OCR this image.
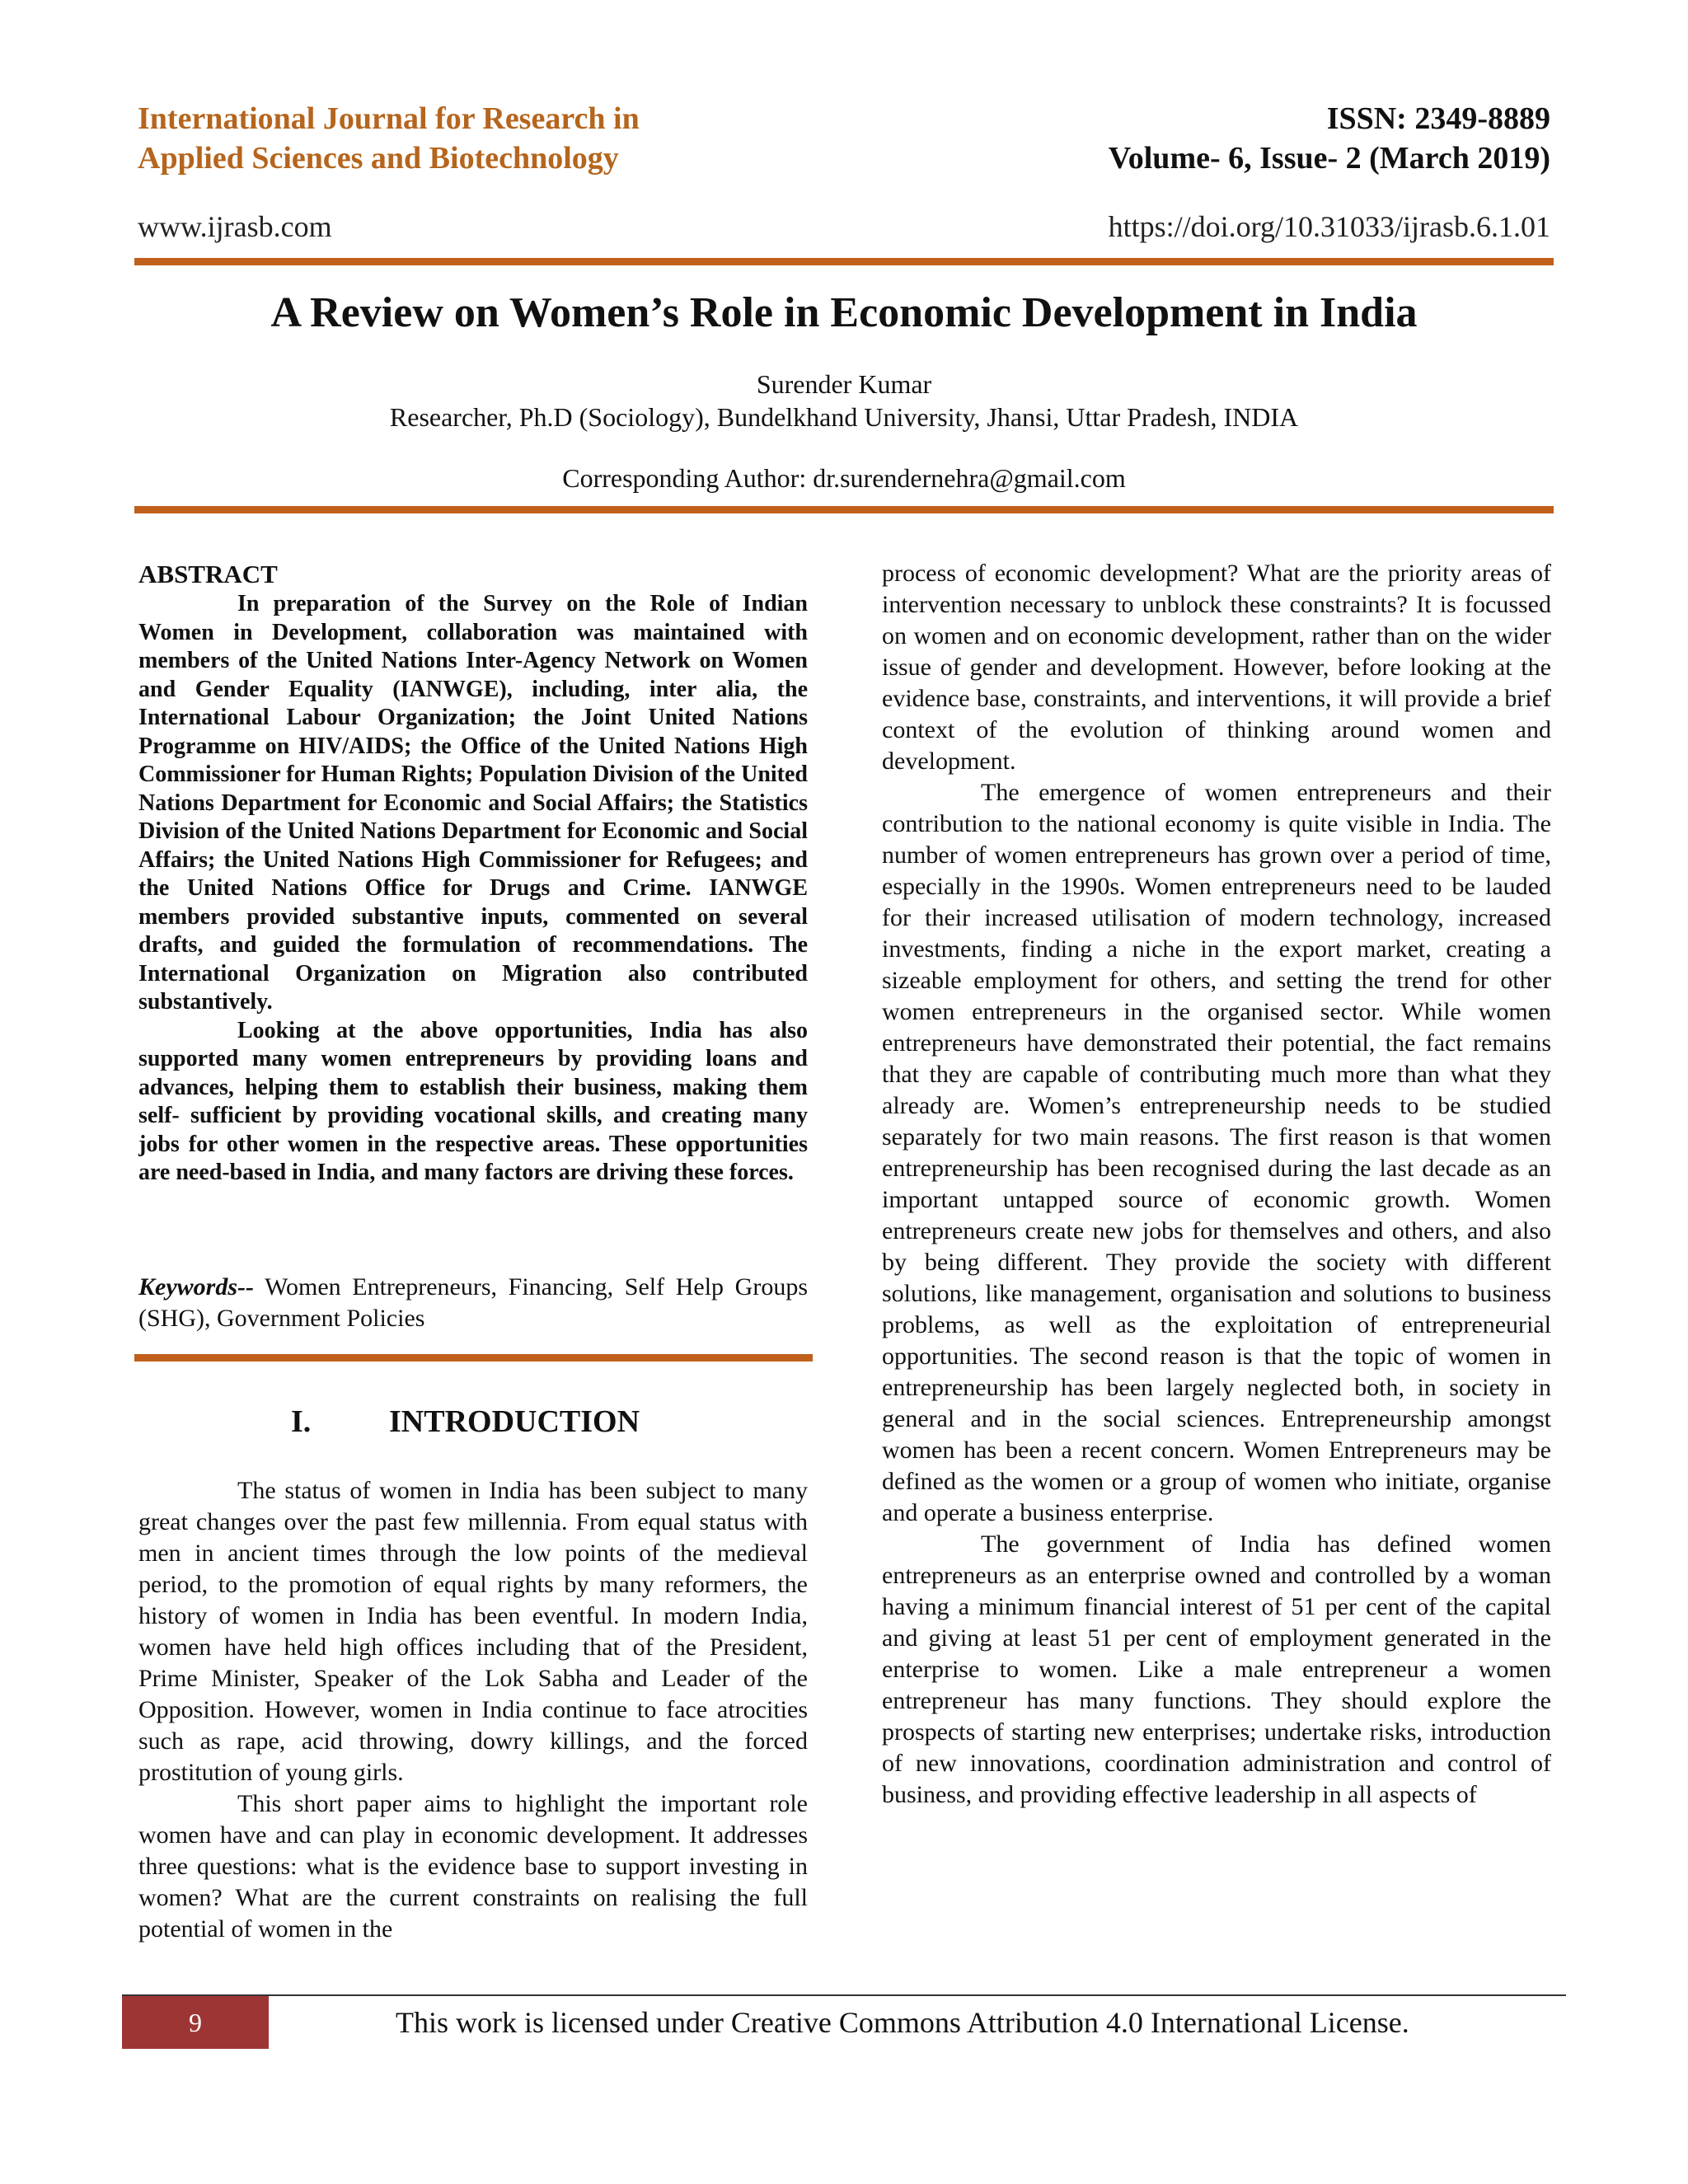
International Journal for Research in
Applied Sciences and Biotechnology
ISSN: 2349-8889
Volume- 6, Issue- 2 (March 2019)
www.ijrasb.com	https://doi.org/10.31033/ijrasb.6.1.01
A Review on Women’s Role in Economic Development in India
Surender Kumar
Researcher, Ph.D (Sociology), Bundelkhand University, Jhansi, Uttar Pradesh, INDIA
Corresponding Author: dr.surendernehra@gmail.com
ABSTRACT

In preparation of the Survey on the Role of Indian Women in Development, collaboration was maintained with members of the United Nations Inter-Agency Network on Women and Gender Equality (IANWGE), including, inter alia, the International Labour Organization; the Joint United Nations Programme on HIV/AIDS; the Office of the United Nations High Commissioner for Human Rights; Population Division of the United Nations Department for Economic and Social Affairs; the Statistics Division of the United Nations Department for Economic and Social Affairs; the United Nations High Commissioner for Refugees; and the United Nations Office for Drugs and Crime. IANWGE members provided substantive inputs, commented on several drafts, and guided the formulation of recommendations. The International Organization on Migration also contributed substantively.

Looking at the above opportunities, India has also supported many women entrepreneurs by providing loans and advances, helping them to establish their business, making them self- sufficient by providing vocational skills, and creating many jobs for other women in the respective areas. These opportunities are need-based in India, and many factors are driving these forces.

Keywords-- Women Entrepreneurs, Financing, Self Help Groups (SHG), Government Policies

I. INTRODUCTION

The status of women in India has been subject to many great changes over the past few millennia. From equal status with men in ancient times through the low points of the medieval period, to the promotion of equal rights by many reformers, the history of women in India has been eventful. In modern India, women have held high offices including that of the President, Prime Minister, Speaker of the Lok Sabha and Leader of the Opposition. However, women in India continue to face atrocities such as rape, acid throwing, dowry killings, and the forced prostitution of young girls.

This short paper aims to highlight the important role women have and can play in economic development. It addresses three questions: what is the evidence base to support investing in women? What are the current constraints on realising the full potential of women in the

process of economic development? What are the priority areas of intervention necessary to unblock these constraints? It is focussed on women and on economic development, rather than on the wider issue of gender and development. However, before looking at the evidence base, constraints, and interventions, it will provide a brief context of the evolution of thinking around women and development.

The emergence of women entrepreneurs and their contribution to the national economy is quite visible in India. The number of women entrepreneurs has grown over a period of time, especially in the 1990s. Women entrepreneurs need to be lauded for their increased utilisation of modern technology, increased investments, finding a niche in the export market, creating a sizeable employment for others, and setting the trend for other women entrepreneurs in the organised sector. While women entrepreneurs have demonstrated their potential, the fact remains that they are capable of contributing much more than what they already are. Women’s entrepreneurship needs to be studied separately for two main reasons. The first reason is that women entrepreneurship has been recognised during the last decade as an important untapped source of economic growth. Women entrepreneurs create new jobs for themselves and others, and also by being different. They provide the society with different solutions, like management, organisation and solutions to business problems, as well as the exploitation of entrepreneurial opportunities. The second reason is that the topic of women in entrepreneurship has been largely neglected both, in society in general and in the social sciences. Entrepreneurship amongst women has been a recent concern. Women Entrepreneurs may be defined as the women or a group of women who initiate, organise and operate a business enterprise.

The government of India has defined women entrepreneurs as an enterprise owned and controlled by a woman having a minimum financial interest of 51 per cent of the capital and giving at least 51 per cent of employment generated in the enterprise to women. Like a male entrepreneur a women entrepreneur has many functions. They should explore the prospects of starting new enterprises; undertake risks, introduction of new innovations, coordination administration and control of business, and providing effective leadership in all aspects of

9	This work is licensed under Creative Commons Attribution 4.0 International License.
